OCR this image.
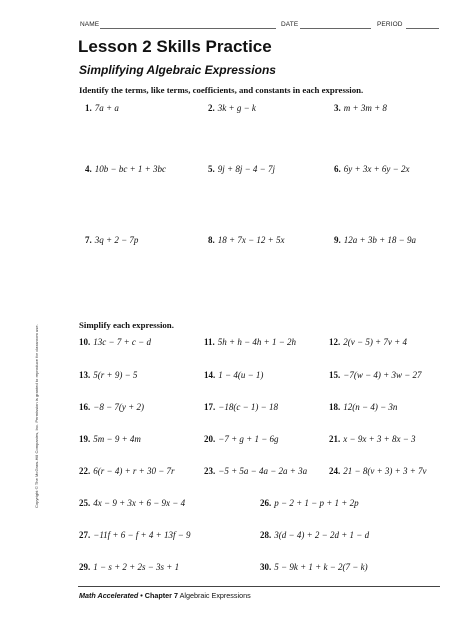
NAME	DATE	PERIOD
Lesson 2 Skills Practice
Simplifying Algebraic Expressions
Identify the terms, like terms, coefficients, and constants in each expression.
1. 7a + a	2. 3k + g − k	3. m + 3m + 8
4. 10b − bc + 1 + 3bc	5. 9j + 8j − 4 − 7j	6. 6y + 3x + 6y − 2x
7. 3q + 2 − 7p	8. 18 + 7x − 12 + 5x	9. 12a + 3b + 18 − 9a
Simplify each expression.
10. 13c − 7 + c − d	11. 5h + h − 4h + 1 − 2h	12. 2(v − 5) + 7v + 4
13. 5(r + 9) − 5	14. 1 − 4(u − 1)	15. −7(w − 4) + 3w − 27
16. −8 − 7(y + 2)	17. −18(c − 1) − 18	18. 12(n − 4) − 3n
19. 5m − 9 + 4m	20. −7 + g + 1 − 6g	21. x − 9x + 3 + 8x − 3
22. 6(r − 4) + r + 30 − 7r	23. −5 + 5a − 4a − 2a + 3a 24. 21 − 8(v + 3) + 3 + 7v
25. 4x − 9 + 3x + 6 − 9x − 4	26. p − 2 + 1 − p + 1 + 2p
27. −11f + 6 − f + 4 + 13f − 9	28. 3(d − 4) + 2 − 2d + 1 − d
29. 1 − s + 2 + 2s − 3s + 1	30. 5 − 9k + 1 + k − 2(7 − k)
Copyright © The McGraw-Hill Companies, Inc. Permission is granted to reproduce for classroom use.
Math Accelerated • Chapter 7 Algebraic Expressions
